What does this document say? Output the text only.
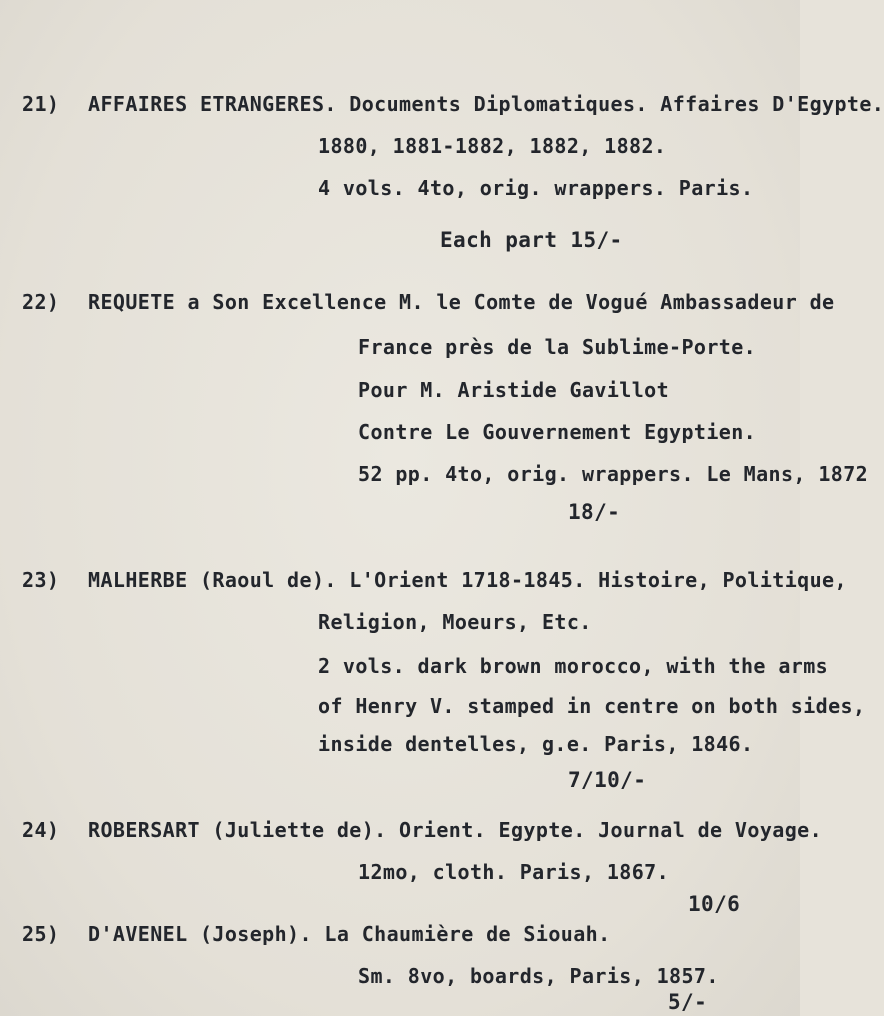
21) AFFAIRES ETRANGERES. Documents Diplomatiques. Affaires D'Egypte.
1880, 1881-1882, 1882, 1882.
4 vols. 4to, orig. wrappers. Paris.
Each part 15/-
22) REQUETE a Son Excellence M. le Comte de Vogué Ambassadeur de
France près de la Sublime-Porte.
Pour M. Aristide Gavillot
Contre Le Gouvernement Egyptien.
52 pp. 4to, orig. wrappers. Le Mans, 1872
18/-
23) MALHERBE (Raoul de). L'Orient 1718-1845. Histoire, Politique,
Religion, Moeurs, Etc.
2 vols. dark brown morocco, with the arms
of Henry V. stamped in centre on both sides,
inside dentelles, g.e. Paris, 1846.
7/10/-
24) ROBERSART (Juliette de). Orient. Egypte. Journal de Voyage.
12mo, cloth. Paris, 1867.
10/6
25) D'AVENEL (Joseph). La Chaumière de Siouah.
Sm. 8vo, boards, Paris, 1857.
5/-
